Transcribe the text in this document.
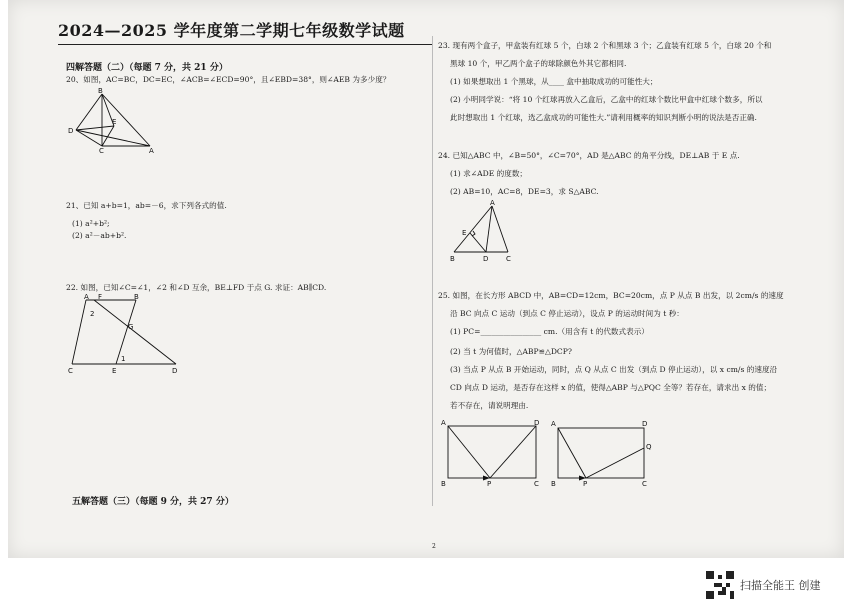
2024—2025 学年度第二学期七年级数学试题
四解答题（二）（每题 7 分，共 21 分）
20、如图，AC=BC，DC=EC，∠ACB=∠ECD=90°，且∠EBD=38°，则∠AEB 为多少度？
B
D
E
C	A
21、已知 a+b=1，ab=－6，求下列各式的值.
(1) a²+b²;
(2) a²－ab+b².
22. 如图，已知∠C=∠1，∠2 和∠D 互余，BE⊥FD 于点 G. 求证：AB∥CD.
A F	B
2
G
1
C	E	D
五解答题（三）（每题 9 分，共 27 分）
23. 现有两个盒子，甲盒装有红球 5 个，白球 2 个和黑球 3 个；乙盒装有红球 5 个，白球 20 个和
黑球 10 个，甲乙两个盒子的球除颜色外其它都相同.
(1) 如果想取出 1 个黑球，从____ 盒中抽取成功的可能性大；
(2) 小明同学说：“将 10 个红球再放入乙盒后，乙盒中的红球个数比甲盒中红球个数多，所以
此时想取出 1 个红球，选乙盒成功的可能性大.”请利用概率的知识判断小明的说法是否正确.
24. 已知△ABC 中，∠B=50°，∠C=70°，AD 是△ABC 的角平分线，DE⊥AB 于 E 点.
(1) 求∠ADE 的度数；
(2) AB=10，AC=8，DE=3，求 S△ABC.
A
E
B	D	C
25. 如图，在长方形 ABCD 中，AB=CD=12cm，BC=20cm，点 P 从点 B 出发，以 2cm/s 的速度
沿 BC 向点 C 运动（到点 C 停止运动），设点 P 的运动时间为 t 秒：
(1) PC=________________ cm.（用含有 t 的代数式表示）
(2) 当 t 为何值时，△ABP≌△DCP?
(3) 当点 P 从点 B 开始运动，同时，点 Q 从点 C 出发（到点 D 停止运动），以 x cm/s 的速度沿
CD 向点 D 运动，是否存在这样 x 的值，使得△ABP 与△PQC 全等？若存在，请求出 x 的值；
若不存在，请说明理由.
A	D
B	P	C
A	D
Q
B	P	C
2
扫描全能王 创建
